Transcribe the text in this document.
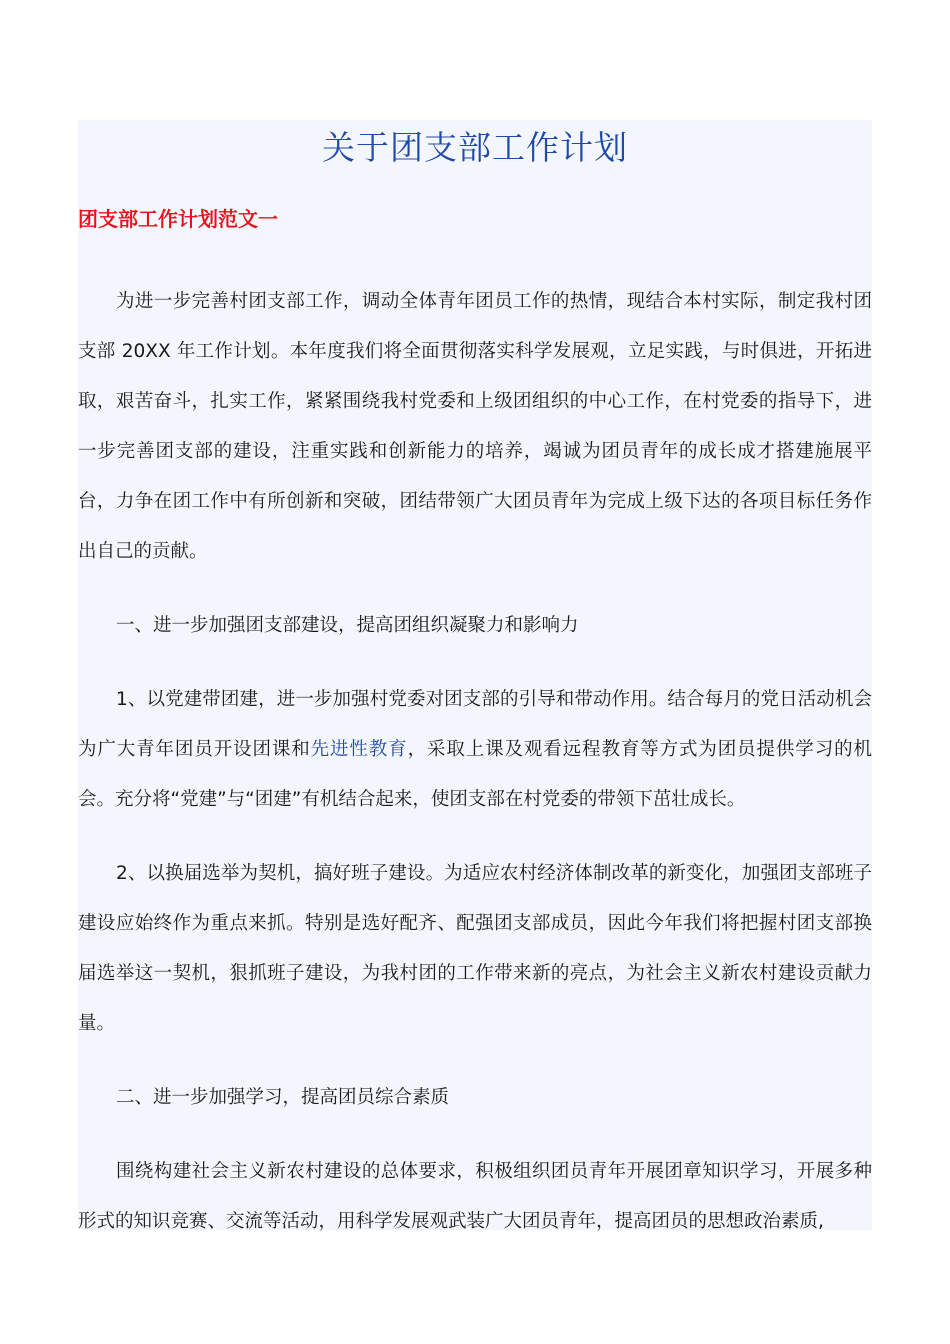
关于团支部工作计划
团支部工作计划范文一

为进一步完善村团支部工作，调动全体青年团员工作的热情，现结合本村实际，制定我村团支部 20XX 年工作计划。本年度我们将全面贯彻落实科学发展观，立足实践，与时俱进，开拓进取，艰苦奋斗，扎实工作，紧紧围绕我村党委和上级团组织的中心工作，在村党委的指导下，进一步完善团支部的建设，注重实践和创新能力的培养，竭诚为团员青年的成长成才搭建施展平台，力争在团工作中有所创新和突破，团结带领广大团员青年为完成上级下达的各项目标任务作出自己的贡献。

一、进一步加强团支部建设，提高团组织凝聚力和影响力

1、以党建带团建，进一步加强村党委对团支部的引导和带动作用。结合每月的党日活动机会为广大青年团员开设团课和先进性教育，采取上课及观看远程教育等方式为团员提供学习的机会。充分将“党建”与“团建”有机结合起来，使团支部在村党委的带领下茁壮成长。

2、以换届选举为契机，搞好班子建设。为适应农村经济体制改革的新变化，加强团支部班子建设应始终作为重点来抓。特别是选好配齐、配强团支部成员，因此今年我们将把握村团支部换届选举这一契机，狠抓班子建设，为我村团的工作带来新的亮点，为社会主义新农村建设贡献力量。

二、进一步加强学习，提高团员综合素质

围绕构建社会主义新农村建设的总体要求，积极组织团员青年开展团章知识学习，开展多种形式的知识竞赛、交流等活动，用科学发展观武装广大团员青年，提高团员的思想政治素质,
